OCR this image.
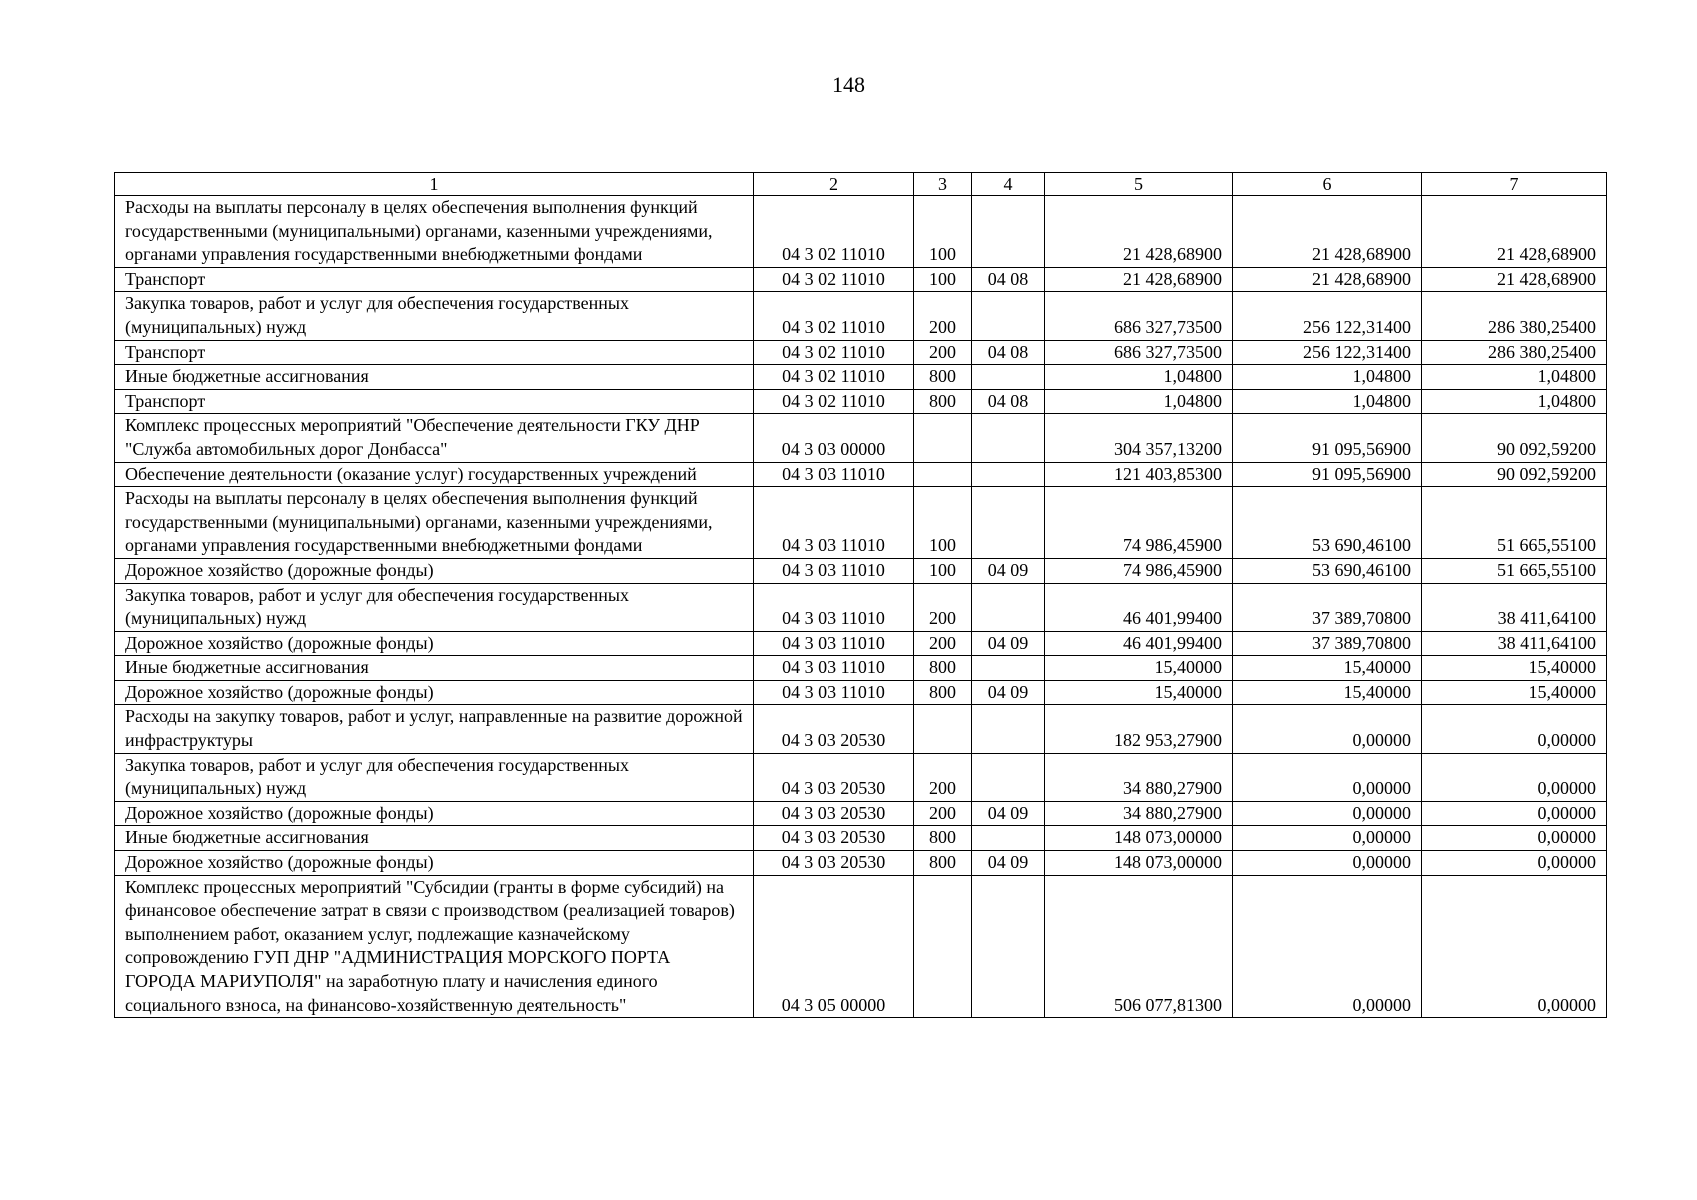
148
1	2	3	4	5	6	7
Расходы на выплаты персоналу в целях обеспечения выполнения функций государственными (муниципальными) органами, казенными учреждениями, органами управления государственными внебюджетными фондами	04 3 02 11010	100		21 428,68900	21 428,68900	21 428,68900
Транспорт	04 3 02 11010	100	04 08	21 428,68900	21 428,68900	21 428,68900
Закупка товаров, работ и услуг для обеспечения государственных (муниципальных) нужд	04 3 02 11010	200		686 327,73500	256 122,31400	286 380,25400
Транспорт	04 3 02 11010	200	04 08	686 327,73500	256 122,31400	286 380,25400
Иные бюджетные ассигнования	04 3 02 11010	800		1,04800	1,04800	1,04800
Транспорт	04 3 02 11010	800	04 08	1,04800	1,04800	1,04800
Комплекс процессных мероприятий "Обеспечение деятельности ГКУ ДНР "Служба автомобильных дорог Донбасса"	04 3 03 00000			304 357,13200	91 095,56900	90 092,59200
Обеспечение деятельности (оказание услуг) государственных учреждений	04 3 03 11010			121 403,85300	91 095,56900	90 092,59200
Расходы на выплаты персоналу в целях обеспечения выполнения функций государственными (муниципальными) органами, казенными учреждениями, органами управления государственными внебюджетными фондами	04 3 03 11010	100		74 986,45900	53 690,46100	51 665,55100
Дорожное хозяйство (дорожные фонды)	04 3 03 11010	100	04 09	74 986,45900	53 690,46100	51 665,55100
Закупка товаров, работ и услуг для обеспечения государственных (муниципальных) нужд	04 3 03 11010	200		46 401,99400	37 389,70800	38 411,64100
Дорожное хозяйство (дорожные фонды)	04 3 03 11010	200	04 09	46 401,99400	37 389,70800	38 411,64100
Иные бюджетные ассигнования	04 3 03 11010	800		15,40000	15,40000	15,40000
Дорожное хозяйство (дорожные фонды)	04 3 03 11010	800	04 09	15,40000	15,40000	15,40000
Расходы на закупку товаров, работ и услуг, направленные на развитие дорожной инфраструктуры	04 3 03 20530			182 953,27900	0,00000	0,00000
Закупка товаров, работ и услуг для обеспечения государственных (муниципальных) нужд	04 3 03 20530	200		34 880,27900	0,00000	0,00000
Дорожное хозяйство (дорожные фонды)	04 3 03 20530	200	04 09	34 880,27900	0,00000	0,00000
Иные бюджетные ассигнования	04 3 03 20530	800		148 073,00000	0,00000	0,00000
Дорожное хозяйство (дорожные фонды)	04 3 03 20530	800	04 09	148 073,00000	0,00000	0,00000
Комплекс процессных мероприятий "Субсидии (гранты в форме субсидий) на финансовое обеспечение затрат в связи с производством (реализацией товаров) выполнением работ, оказанием услуг, подлежащие казначейскому сопровождению ГУП ДНР "АДМИНИСТРАЦИЯ МОРСКОГО ПОРТА ГОРОДА МАРИУПОЛЯ" на заработную плату и начисления единого социального взноса, на финансово-хозяйственную деятельность"	04 3 05 00000			506 077,81300	0,00000	0,00000
